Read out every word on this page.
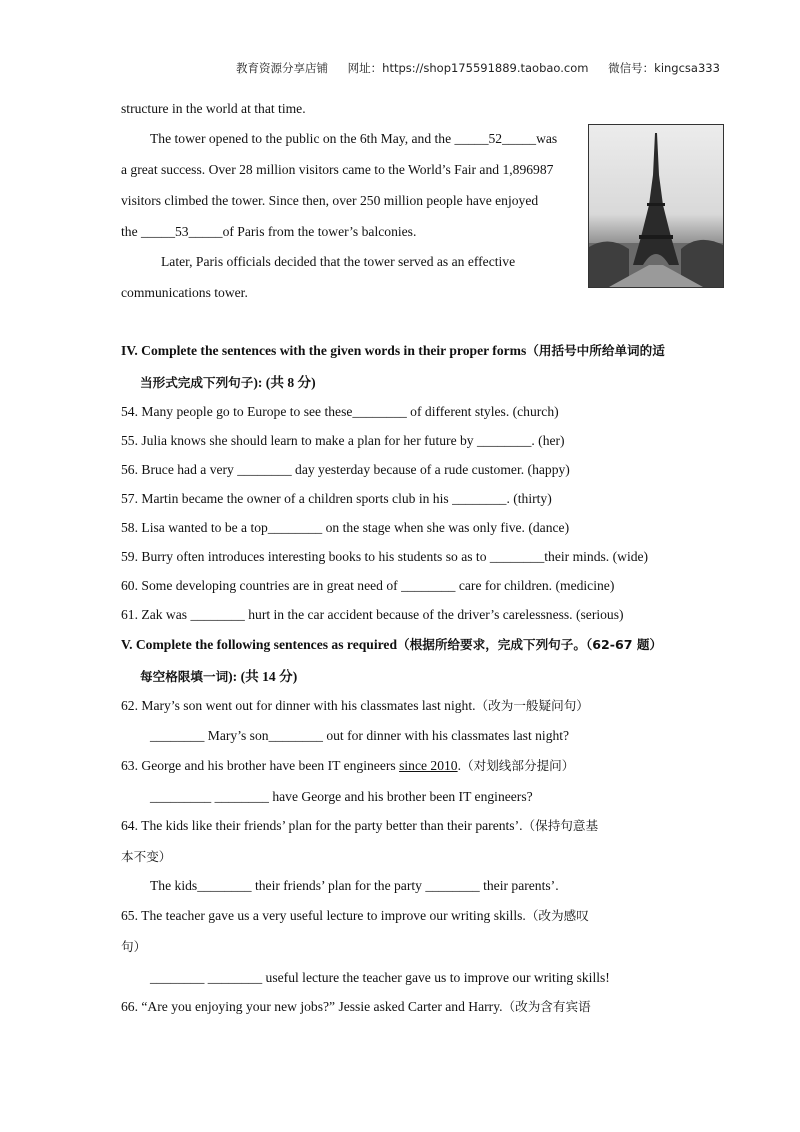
教育资源分享店铺 网址：https://shop175591889.taobao.com 微信号：kingcsa333
structure in the world at that time.
The tower opened to the public on the 6th May, and the _____52_____was
a great success. Over 28 million visitors came to the World’s Fair and 1,896987
visitors climbed the tower. Since then, over 250 million people have enjoyed
the _____53_____of Paris from the tower’s balconies.
Later, Paris officials decided that the tower served as an effective
communications tower.
IV. Complete the sentences with the given words in their proper forms（用括号中所给单词的适
当形式完成下列句子): (共 8 分)
54. Many people go to Europe to see these________ of different styles. (church)
55. Julia knows she should learn to make a plan for her future by ________. (her)
56. Bruce had a very ________ day yesterday because of a rude customer. (happy)
57. Martin became the owner of a children sports club in his ________. (thirty)
58. Lisa wanted to be a top________ on the stage when she was only five. (dance)
59. Burry often introduces interesting books to his students so as to ________their minds. (wide)
60. Some developing countries are in great need of ________ care for children. (medicine)
61. Zak was ________ hurt in the car accident because of the driver’s carelessness. (serious)
V. Complete the following sentences as required（根据所给要求，完成下列句子。（62-67 题）
每空格限填一词): (共 14 分)
62. Mary’s son went out for dinner with his classmates last night.（改为一般疑问句）
________ Mary’s son________ out for dinner with his classmates last night?
63. George and his brother have been IT engineers since 2010.（对划线部分提问）
_________ ________ have George and his brother been IT engineers?
64. The kids like their friends’ plan for the party better than their parents’.（保持句意基
本不变）
The kids________ their friends’ plan for the party ________ their parents’.
65. The teacher gave us a very useful lecture to improve our writing skills.（改为感叹
句）
________ ________ useful lecture the teacher gave us to improve our writing skills!
66. “Are you enjoying your new jobs?” Jessie asked Carter and Harry.（改为含有宾语
